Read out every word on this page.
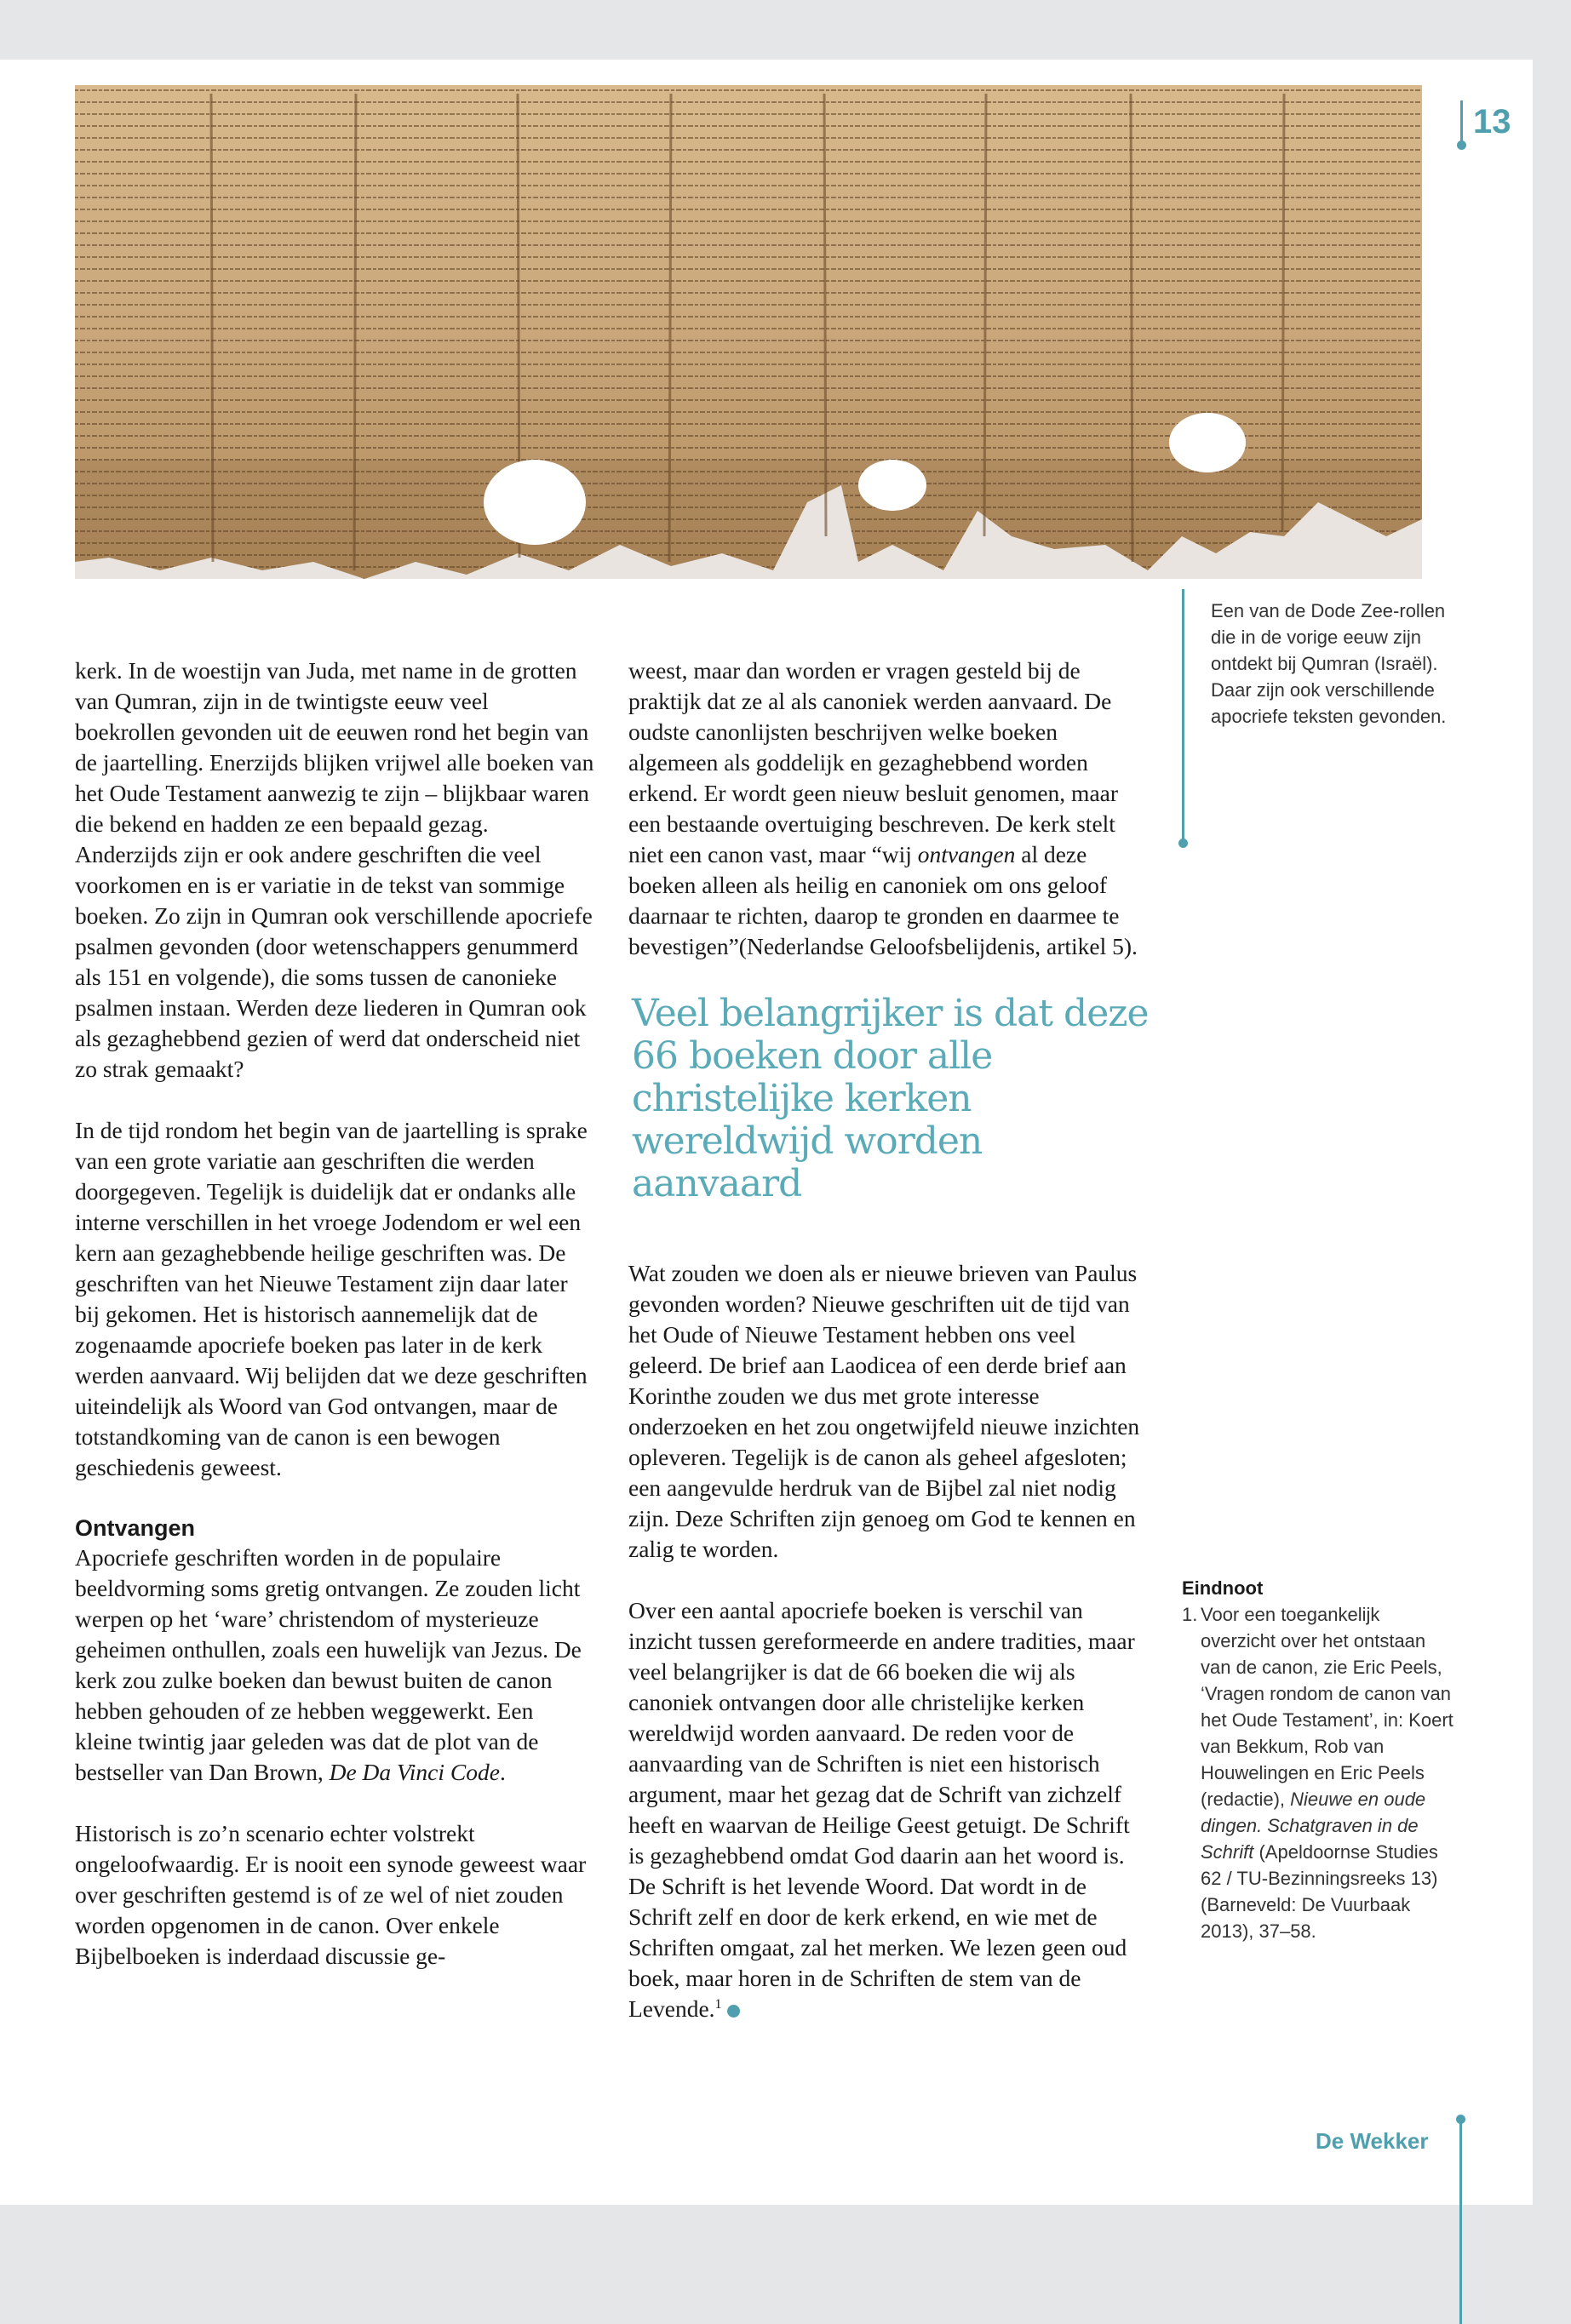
13

kerk. In de woestijn van Juda, met name in de grotten van Qumran, zijn in de twintigste eeuw veel boekrollen gevonden uit de eeuwen rond het begin van de jaartelling. Enerzijds blijken vrijwel alle boeken van het Oude Testament aanwezig te zijn – blijkbaar waren die bekend en hadden ze een bepaald gezag. Anderzijds zijn er ook andere geschriften die veel voorkomen en is er variatie in de tekst van sommige boeken. Zo zijn in Qumran ook verschillende apocriefe psalmen gevonden (door wetenschappers genummerd als 151 en volgende), die soms tussen de canonieke psalmen instaan. Werden deze liederen in Qumran ook als gezaghebbend gezien of werd dat onderscheid niet zo strak gemaakt?

In de tijd rondom het begin van de jaartelling is sprake van een grote variatie aan geschriften die werden doorgegeven. Tegelijk is duidelijk dat er ondanks alle interne verschillen in het vroege Jodendom er wel een kern aan gezaghebbende heilige geschriften was. De geschriften van het Nieuwe Testament zijn daar later bij gekomen. Het is historisch aannemelijk dat de zogenaamde apocriefe boeken pas later in de kerk werden aanvaard. Wij belijden dat we deze geschriften uiteindelijk als Woord van God ontvangen, maar de totstandkoming van de canon is een bewogen geschiedenis geweest.

Ontvangen

Apocriefe geschriften worden in de populaire beeldvorming soms gretig ontvangen. Ze zouden licht werpen op het ‘ware’ christendom of mysterieuze geheimen onthullen, zoals een huwelijk van Jezus. De kerk zou zulke boeken dan bewust buiten de canon hebben gehouden of ze hebben weggewerkt. Een kleine twintig jaar geleden was dat de plot van de bestseller van Dan Brown, De Da Vinci Code.

Historisch is zo’n scenario echter volstrekt ongeloofwaardig. Er is nooit een synode geweest waar over geschriften gestemd is of ze wel of niet zouden worden opgenomen in de canon. Over enkele Bijbelboeken is inderdaad discussie ge-

weest, maar dan worden er vragen gesteld bij de praktijk dat ze al als canoniek werden aanvaard. De oudste canonlijsten beschrijven welke boeken algemeen als goddelijk en gezaghebbend worden erkend. Er wordt geen nieuw besluit genomen, maar een bestaande overtuiging beschreven. De kerk stelt niet een canon vast, maar “wij ontvangen al deze boeken alleen als heilig en canoniek om ons geloof daarnaar te richten, daarop te gronden en daarmee te bevestigen”(Nederlandse Geloofsbelijdenis, artikel 5).

Veel belangrijker is dat deze 66 boeken door alle christelijke kerken wereldwijd worden aanvaard

Wat zouden we doen als er nieuwe brieven van Paulus gevonden worden? Nieuwe geschriften uit de tijd van het Oude of Nieuwe Testament hebben ons veel geleerd. De brief aan Laodicea of een derde brief aan Korinthe zouden we dus met grote interesse onderzoeken en het zou ongetwijfeld nieuwe inzichten opleveren. Tegelijk is de canon als geheel afgesloten; een aangevulde herdruk van de Bijbel zal niet nodig zijn. Deze Schriften zijn genoeg om God te kennen en zalig te worden.

Over een aantal apocriefe boeken is verschil van inzicht tussen gereformeerde en andere tradities, maar veel belangrijker is dat de 66 boeken die wij als canoniek ontvangen door alle christelijke kerken wereldwijd worden aanvaard. De reden voor de aanvaarding van de Schriften is niet een historisch argument, maar het gezag dat de Schrift van zichzelf heeft en waarvan de Heilige Geest getuigt. De Schrift is gezaghebbend omdat God daarin aan het woord is. De Schrift is het levende Woord. Dat wordt in de Schrift zelf en door de kerk erkend, en wie met de Schriften omgaat, zal het merken. We lezen geen oud boek, maar horen in de Schriften de stem van de Levende.$^1$

Een van de Dode Zee-rollen die in de vorige eeuw zijn ontdekt bij Qumran (Israël). Daar zijn ook verschillende apocriefe teksten gevonden.
Eindnoot
1. Voor een toegankelijk overzicht over het ontstaan van de canon, zie Eric Peels, ‘Vragen rondom de canon van het Oude Testament’, in: Koert van Bekkum, Rob van Houwelingen en Eric Peels (redactie), Nieuwe en oude dingen. Schatgraven in de Schrift (Apeldoornse Studies 62 / TU-Bezinningsreeks 13) (Barneveld: De Vuurbaak 2013), 37–58.
De Wekker
